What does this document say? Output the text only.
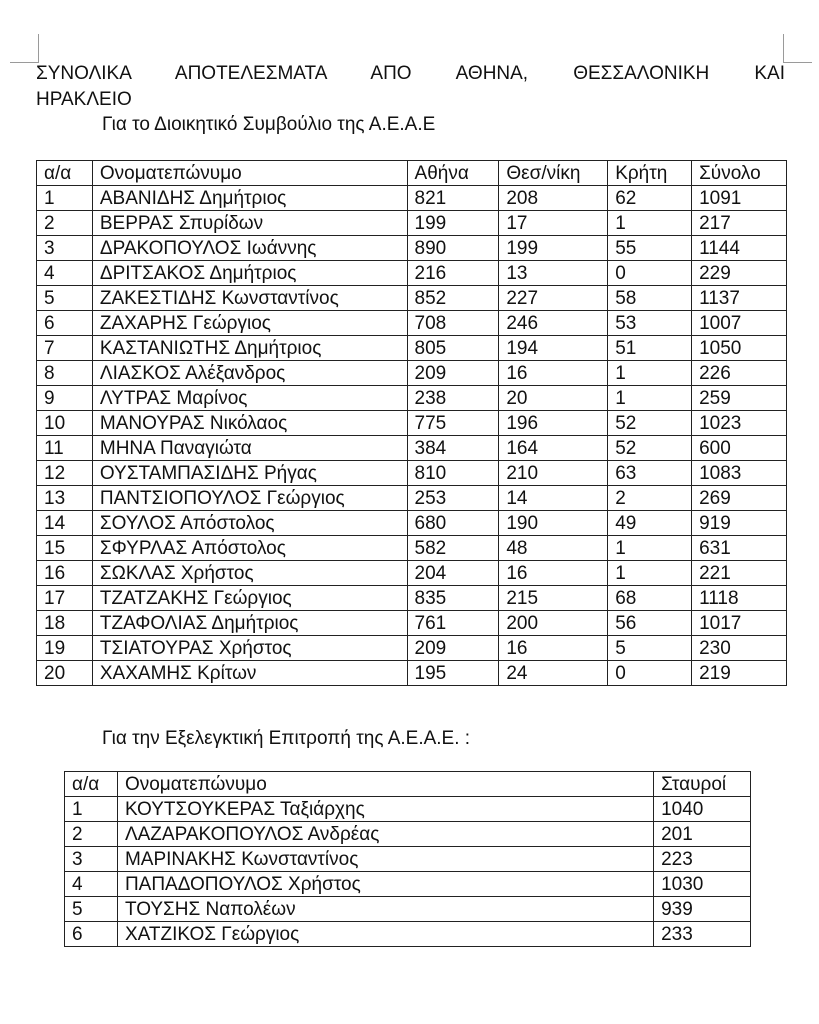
ΣΥΝΟΛΙΚΑ ΑΠΟΤΕΛΕΣΜΑΤΑ ΑΠΟ ΑΘΗΝΑ, ΘΕΣΣΑΛΟΝΙΚΗ ΚΑΙ
ΗΡΑΚΛΕΙΟ
Για το Διοικητικό Συμβούλιο της Α.Ε.Α.Ε
α/α	Ονοματεπώνυμο	Αθήνα	Θεσ/νίκη	Κρήτη	Σύνολο
1	ΑΒΑΝΙΔΗΣ Δημήτριος	821	208	62	1091
2	ΒΕΡΡΑΣ Σπυρίδων	199	17	1	217
3	ΔΡΑΚΟΠΟΥΛΟΣ Ιωάννης	890	199	55	1144
4	ΔΡΙΤΣΑΚΟΣ Δημήτριος	216	13	0	229
5	ΖΑΚΕΣΤΙΔΗΣ Κωνσταντίνος	852	227	58	1137
6	ΖΑΧΑΡΗΣ Γεώργιος	708	246	53	1007
7	ΚΑΣΤΑΝΙΩΤΗΣ Δημήτριος	805	194	51	1050
8	ΛΙΑΣΚΟΣ Αλέξανδρος	209	16	1	226
9	ΛΥΤΡΑΣ Μαρίνος	238	20	1	259
10	ΜΑΝΟΥΡΑΣ Νικόλαος	775	196	52	1023
11	ΜΗΝΑ Παναγιώτα	384	164	52	600
12	ΟΥΣΤΑΜΠΑΣΙΔΗΣ Ρήγας	810	210	63	1083
13	ΠΑΝΤΣΙΟΠΟΥΛΟΣ Γεώργιος	253	14	2	269
14	ΣΟΥΛΟΣ Απόστολος	680	190	49	919
15	ΣΦΥΡΛΑΣ Απόστολος	582	48	1	631
16	ΣΩΚΛΑΣ Χρήστος	204	16	1	221
17	ΤΖΑΤΖΑΚΗΣ Γεώργιος	835	215	68	1118
18	ΤΖΑΦΟΛΙΑΣ Δημήτριος	761	200	56	1017
19	ΤΣΙΑΤΟΥΡΑΣ Χρήστος	209	16	5	230
20	ΧΑΧΑΜΗΣ Κρίτων	195	24	0	219
Για την Εξελεγκτική Επιτροπή της Α.Ε.Α.Ε. :
α/α	Ονοματεπώνυμο	Σταυροί
1	ΚΟΥΤΣΟΥΚΕΡΑΣ Ταξιάρχης	1040
2	ΛΑΖΑΡΑΚΟΠΟΥΛΟΣ Ανδρέας	201
3	ΜΑΡΙΝΑΚΗΣ Κωνσταντίνος	223
4	ΠΑΠΑΔΟΠΟΥΛΟΣ Χρήστος	1030
5	ΤΟΥΣΗΣ Ναπολέων	939
6	ΧΑΤΖΙΚΟΣ Γεώργιος	233
